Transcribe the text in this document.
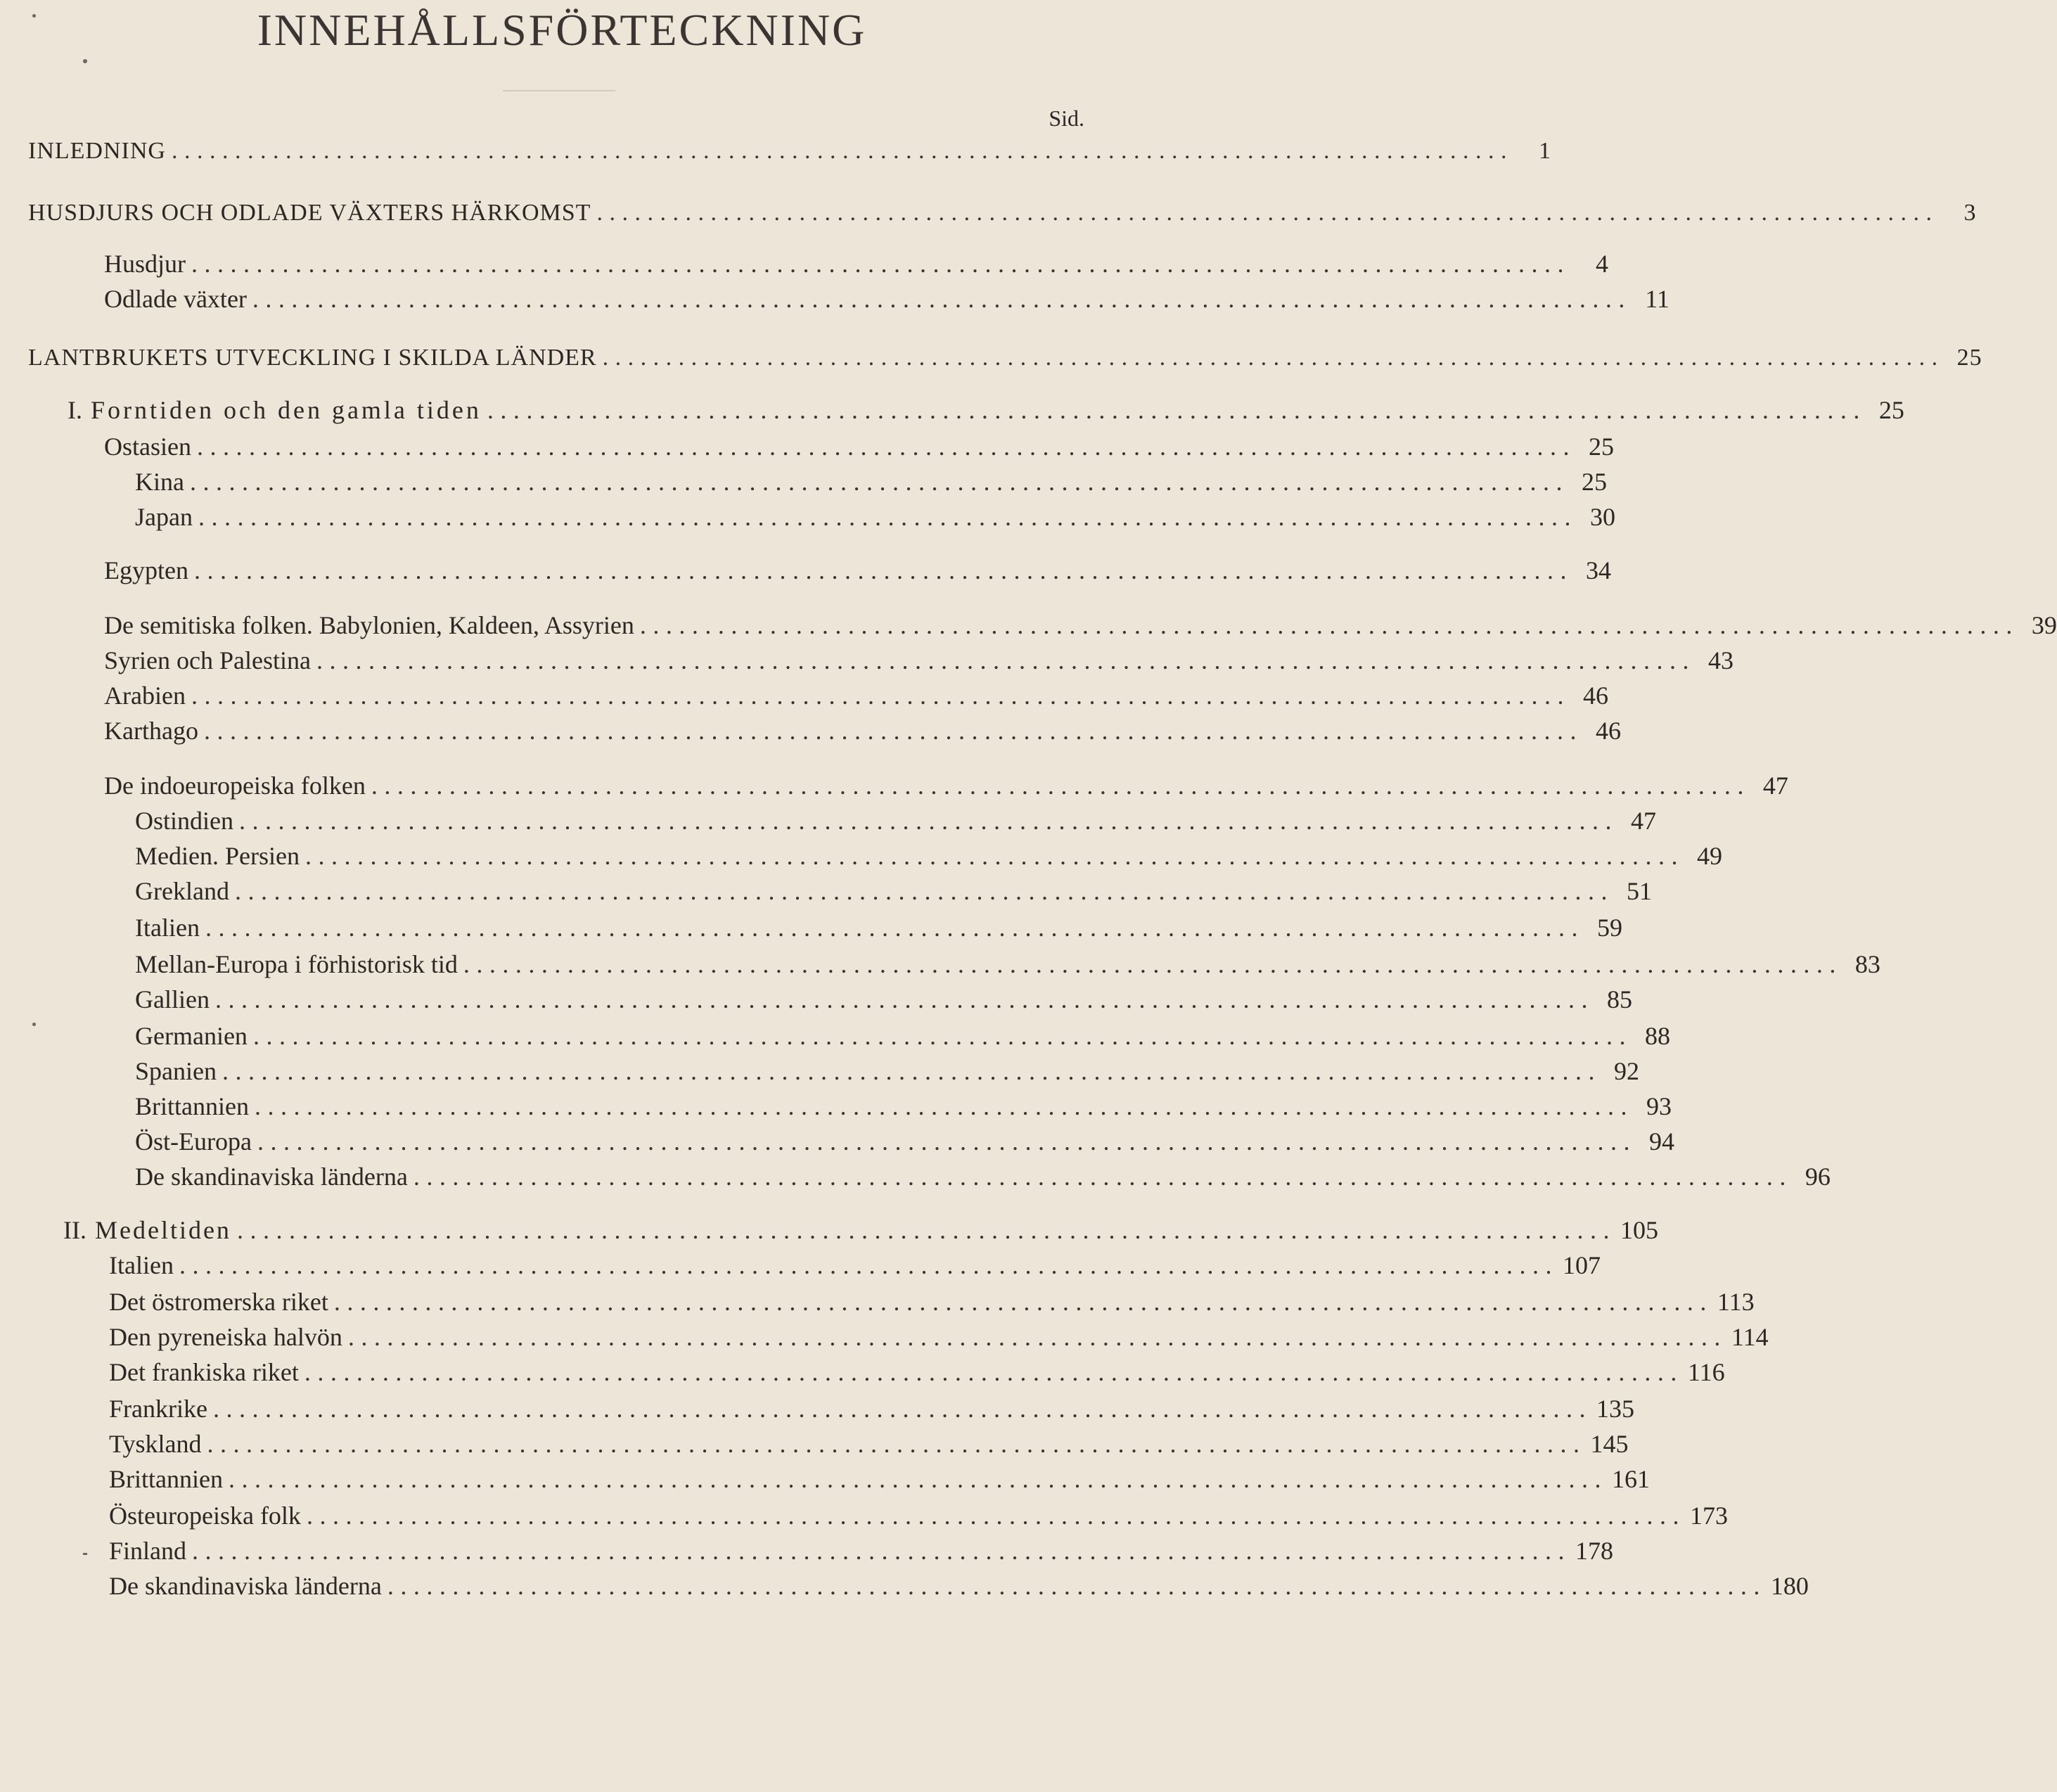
INNEHÅLLSFÖRTECKNING
Sid.
INLEDNING ..........................................................................................................	1
HUSDJURS OCH ODLADE VÄXTERS HÄRKOMST ..........................................................................................................	3
Husdjur ..........................................................................................................	4
Odlade växter .......................................................................................................... 11
LANTBRUKETS UTVECKLING I SKILDA LÄNDER .......................................................................................................... 25
I. Forntiden och den gamla tiden .......................................................................................................... 25
Ostasien .......................................................................................................... 25
Kina .......................................................................................................... 25
Japan .......................................................................................................... 30
Egypten .......................................................................................................... 34
De semitiska folken. Babylonien, Kaldeen, Assyrien .......................................................................................................... 39
Syrien och Palestina .......................................................................................................... 43
Arabien .......................................................................................................... 46
Karthago .......................................................................................................... 46
De indoeuropeiska folken .......................................................................................................... 47
Ostindien .......................................................................................................... 47
Medien. Persien .......................................................................................................... 49
Grekland .......................................................................................................... 51
Italien .......................................................................................................... 59
Mellan-Europa i förhistorisk tid .......................................................................................................... 83
Gallien .......................................................................................................... 85
Germanien .......................................................................................................... 88
Spanien .......................................................................................................... 92
Brittannien .......................................................................................................... 93
Öst-Europa .......................................................................................................... 94
De skandinaviska länderna .......................................................................................................... 96
II. Medeltiden .......................................................................................................... 105
Italien .......................................................................................................... 107
Det östromerska riket .......................................................................................................... 113
Den pyreneiska halvön .......................................................................................................... 114
Det frankiska riket .......................................................................................................... 116
Frankrike .......................................................................................................... 135
Tyskland .......................................................................................................... 145
Brittannien .......................................................................................................... 161
Östeuropeiska folk .......................................................................................................... 173
Finland .......................................................................................................... 178
De skandinaviska länderna .......................................................................................................... 180
